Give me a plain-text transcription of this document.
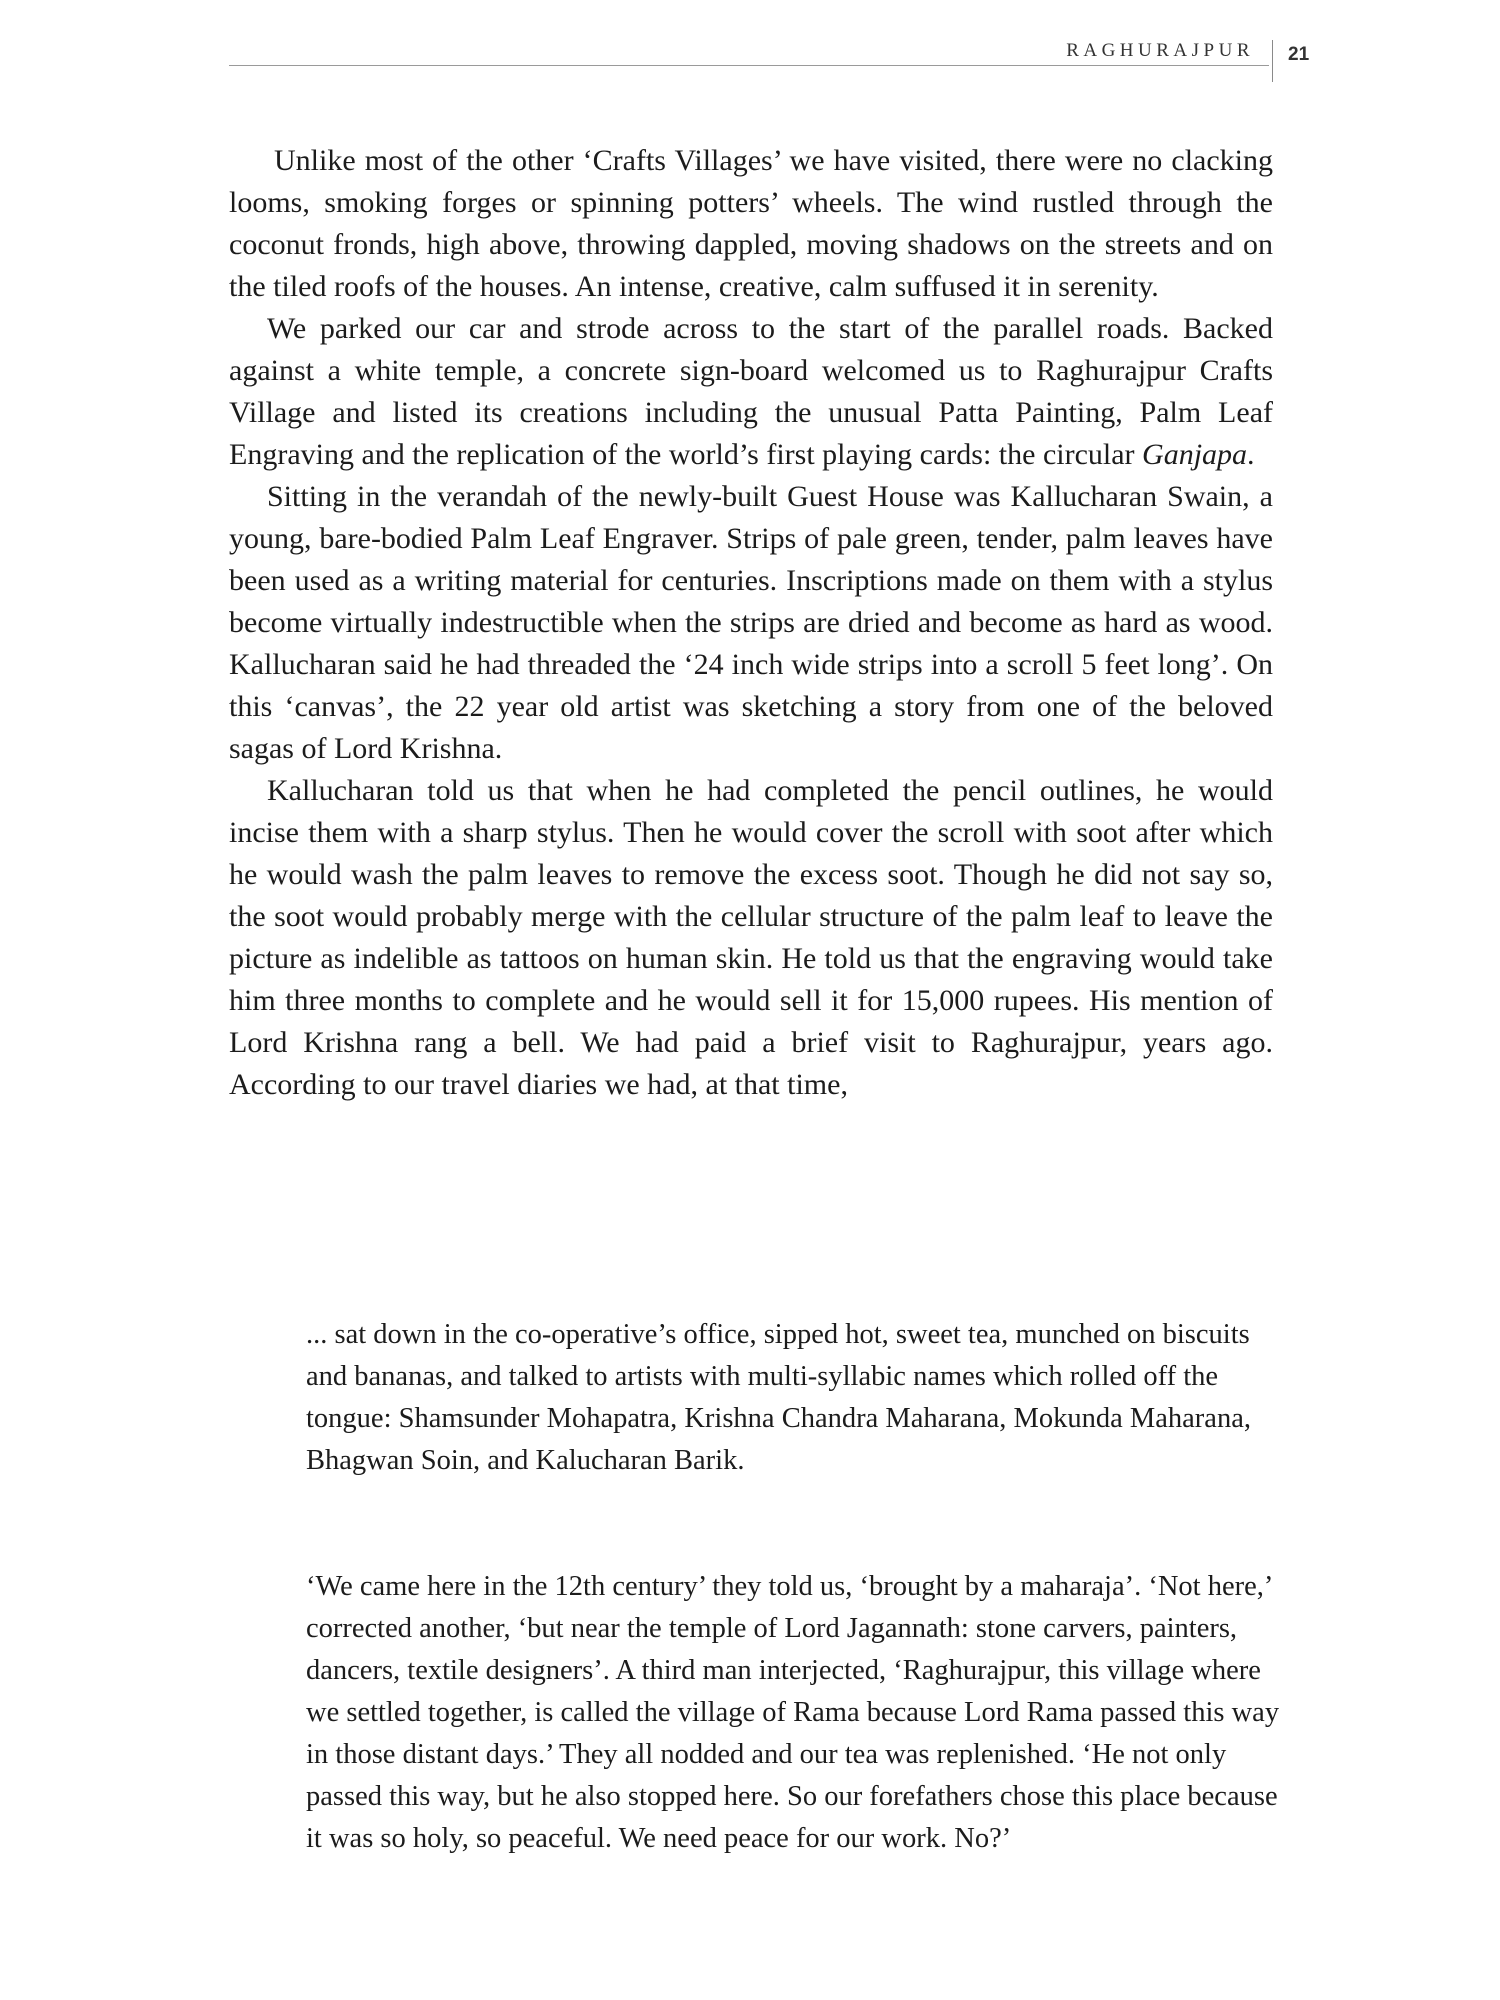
RAGHURAJPUR 21

Unlike most of the other ‘Crafts Villages’ we have visited, there were no clacking looms, smoking forges or spinning potters’ wheels. The wind rustled through the coconut fronds, high above, throwing dappled, moving shadows on the streets and on the tiled roofs of the houses. An intense, creative, calm suffused it in serenity.

We parked our car and strode across to the start of the parallel roads. Backed against a white temple, a concrete sign-board welcomed us to Raghurajpur Crafts Village and listed its creations including the unusual Patta Painting, Palm Leaf Engraving and the replication of the world’s first playing cards: the circular Ganjapa.

Sitting in the verandah of the newly-built Guest House was Kallucharan Swain, a young, bare-bodied Palm Leaf Engraver. Strips of pale green, tender, palm leaves have been used as a writing material for centuries. Inscriptions made on them with a stylus become virtually indestructible when the strips are dried and become as hard as wood. Kallucharan said he had threaded the ‘24 inch wide strips into a scroll 5 feet long’. On this ‘canvas’, the 22 year old artist was sketching a story from one of the beloved sagas of Lord Krishna.

Kallucharan told us that when he had completed the pencil outlines, he would incise them with a sharp stylus. Then he would cover the scroll with soot after which he would wash the palm leaves to remove the excess soot. Though he did not say so, the soot would probably merge with the cellular structure of the palm leaf to leave the picture as indelible as tattoos on human skin. He told us that the engraving would take him three months to complete and he would sell it for 15,000 rupees. His mention of Lord Krishna rang a bell. We had paid a brief visit to Raghurajpur, years ago. According to our travel diaries we had, at that time,

... sat down in the co-operative’s office, sipped hot, sweet tea, munched on biscuits and bananas, and talked to artists with multi-syllabic names which rolled off the tongue: Shamsunder Mohapatra, Krishna Chandra Maharana, Mokunda Maharana, Bhagwan Soin, and Kalucharan Barik.

‘We came here in the 12th century’ they told us, ‘brought by a maharaja’. ‘Not here,’ corrected another, ‘but near the temple of Lord Jagannath: stone carvers, painters, dancers, textile designers’. A third man interjected, ‘Raghurajpur, this village where we settled together, is called the village of Rama because Lord Rama passed this way in those distant days.’ They all nodded and our tea was replenished. ‘He not only passed this way, but he also stopped here. So our forefathers chose this place because it was so holy, so peaceful. We need peace for our work. No?’
